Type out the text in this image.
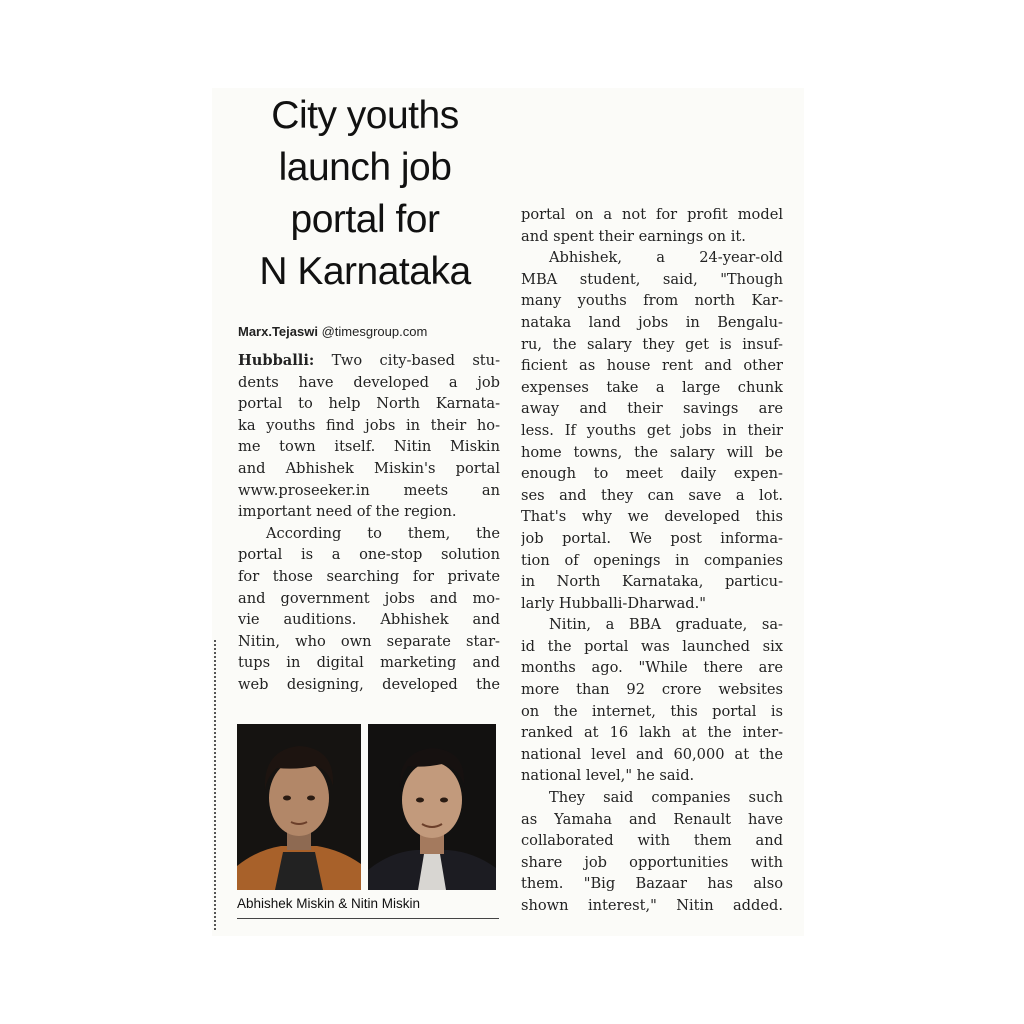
City youths
launch job
portal for
N Karnataka
Marx.Tejaswi @timesgroup.com
Hubballi: Two city-based stu-
dents have developed a job
portal to help North Karnata-
ka youths find jobs in their ho-
me town itself. Nitin Miskin
and Abhishek Miskin's portal
www.proseeker.in meets an
important need of the region.
According to them, the
portal is a one-stop solution
for those searching for private
and government jobs and mo-
vie auditions. Abhishek and
Nitin, who own separate star-
tups in digital marketing and
web designing, developed the
Abhishek Miskin & Nitin Miskin
portal on a not for profit model
and spent their earnings on it.
Abhishek, a 24-year-old
MBA student, said, "Though
many youths from north Kar-
nataka land jobs in Bengalu-
ru, the salary they get is insuf-
ficient as house rent and other
expenses take a large chunk
away and their savings are
less. If youths get jobs in their
home towns, the salary will be
enough to meet daily expen-
ses and they can save a lot.
That's why we developed this
job portal. We post informa-
tion of openings in companies
in North Karnataka, particu-
larly Hubballi-Dharwad."
Nitin, a BBA graduate, sa-
id the portal was launched six
months ago. "While there are
more than 92 crore websites
on the internet, this portal is
ranked at 16 lakh at the inter-
national level and 60,000 at the
national level," he said.
They said companies such
as Yamaha and Renault have
collaborated with them and
share job opportunities with
them. "Big Bazaar has also
shown interest," Nitin added.
